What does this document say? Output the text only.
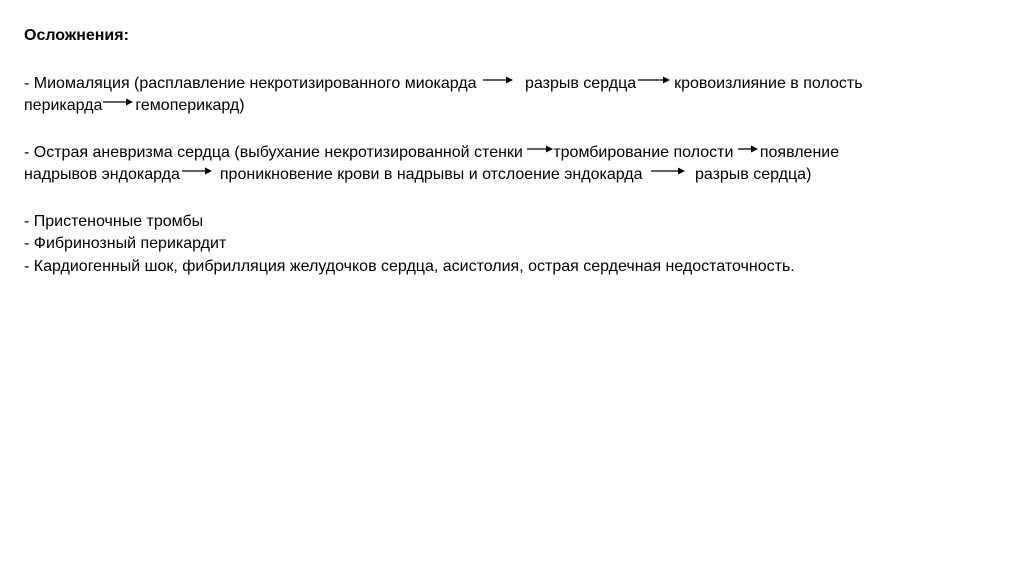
Осложнения:
- Миомаляция (расплавление некротизированного миокарда	разрыв сердца кровоизлияние в полость
перикарда гемоперикард)
- Острая аневризма сердца (выбухание некротизированной стенки тромбирование полости появление
надрывов эндокарда	проникновение крови в надрывы и отслоение эндокарда	разрыв сердца)
- Пристеночные тромбы
- Фибринозный перикардит
- Кардиогенный шок, фибрилляция желудочков сердца, асистолия, острая сердечная недостаточность.
